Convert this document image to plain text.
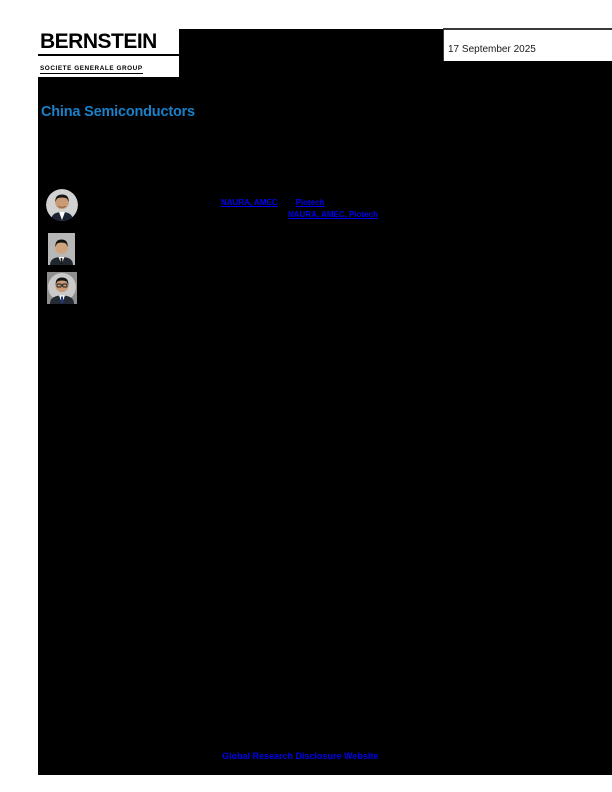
BERNSTEIN
SOCIETE GENERALE GROUP
17 September 2025
China Semiconductors
NAURA, AMEC Piotech
NAURA, AMEC, Piotech
Global Research Disclosure Website
